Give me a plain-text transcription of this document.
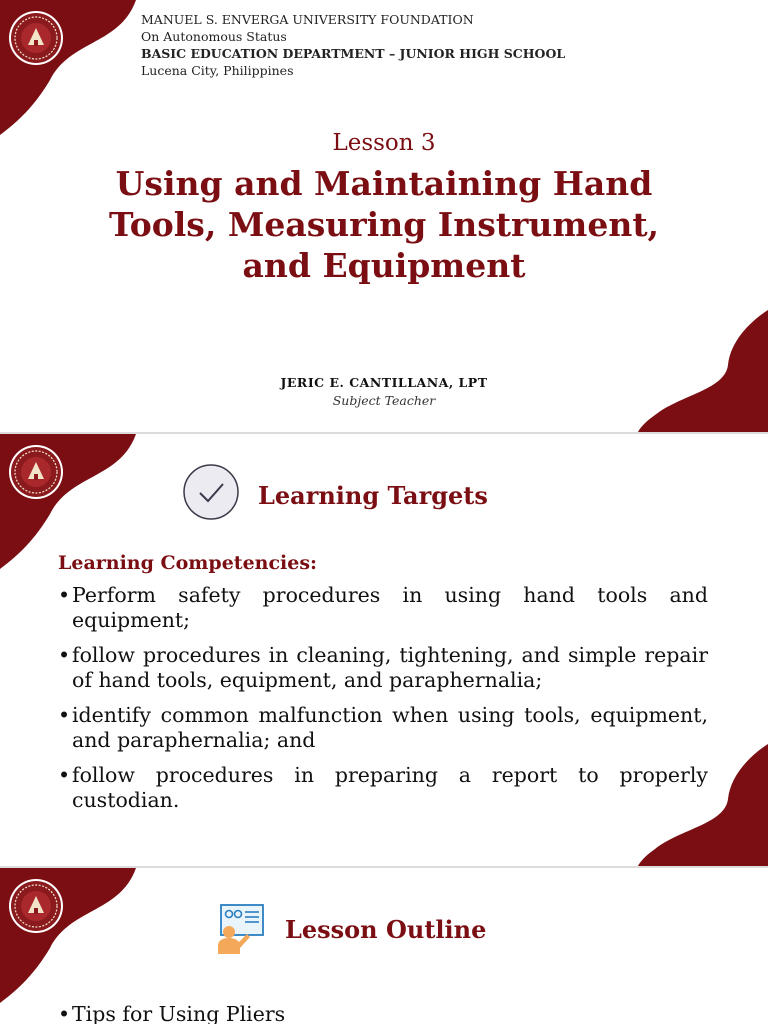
MANUEL S. ENVERGA UNIVERSITY FOUNDATION
On Autonomous Status
BASIC EDUCATION DEPARTMENT – JUNIOR HIGH SCHOOL
Lucena City, Philippines
Lesson 3
Using and Maintaining Hand
Tools, Measuring Instrument,
and Equipment
JERIC E. CANTILLANA, LPT
Subject Teacher
Learning Targets
Learning Competencies:
• Perform safety procedures in using hand tools and equipment;
• follow procedures in cleaning, tightening, and simple repair of hand tools, equipment, and paraphernalia;
• identify common malfunction when using tools, equipment, and paraphernalia; and
• follow procedures in preparing a report to properly custodian.
Lesson Outline
• Tips for Using Pliers
